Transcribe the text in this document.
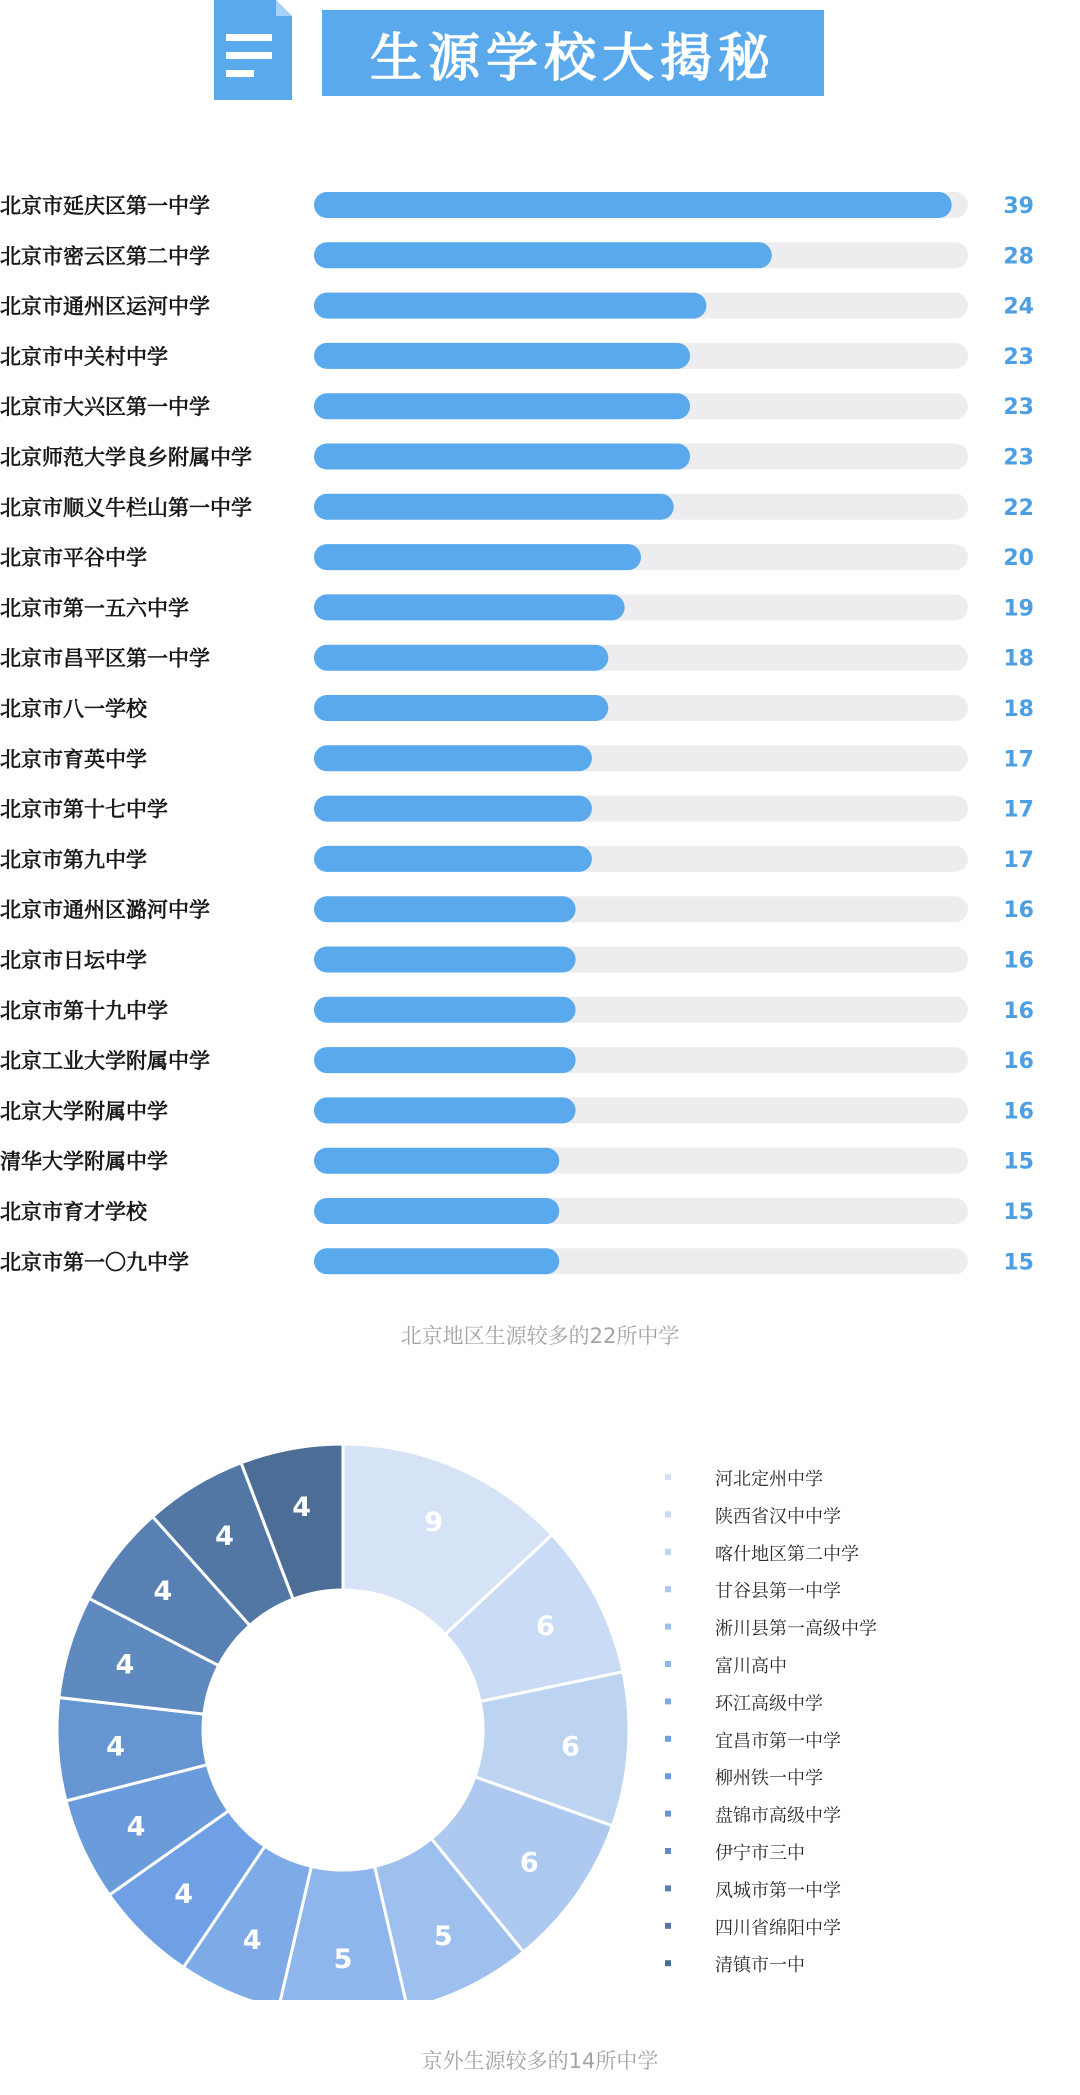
生源学校大揭秘
北京市延庆区第一中学	39
北京市密云区第二中学	28
北京市通州区运河中学	24
北京市中关村中学	23
北京市大兴区第一中学	23
北京师范大学良乡附属中学	23
北京市顺义牛栏山第一中学	22
北京市平谷中学	20
北京市第一五六中学	19
北京市昌平区第一中学	18
北京市八一学校	18
北京市育英中学	17
北京市第十七中学	17
北京市第九中学	17
北京市通州区潞河中学	16
北京市日坛中学	16
北京市第十九中学	16
北京工业大学附属中学	16
北京大学附属中学	16
清华大学附属中学	15
北京市育才学校	15
北京市第一〇九中学	15
北京地区生源较多的22所中学
9
6
6
6
5
5
4
4
4
4
4
4
4
4
河北定州中学
陕西省汉中中学
喀什地区第二中学
甘谷县第一中学
淅川县第一高级中学
富川高中
环江高级中学
宜昌市第一中学
柳州铁一中学
盘锦市高级中学
伊宁市三中
凤城市第一中学
四川省绵阳中学
清镇市一中
京外生源较多的14所中学
